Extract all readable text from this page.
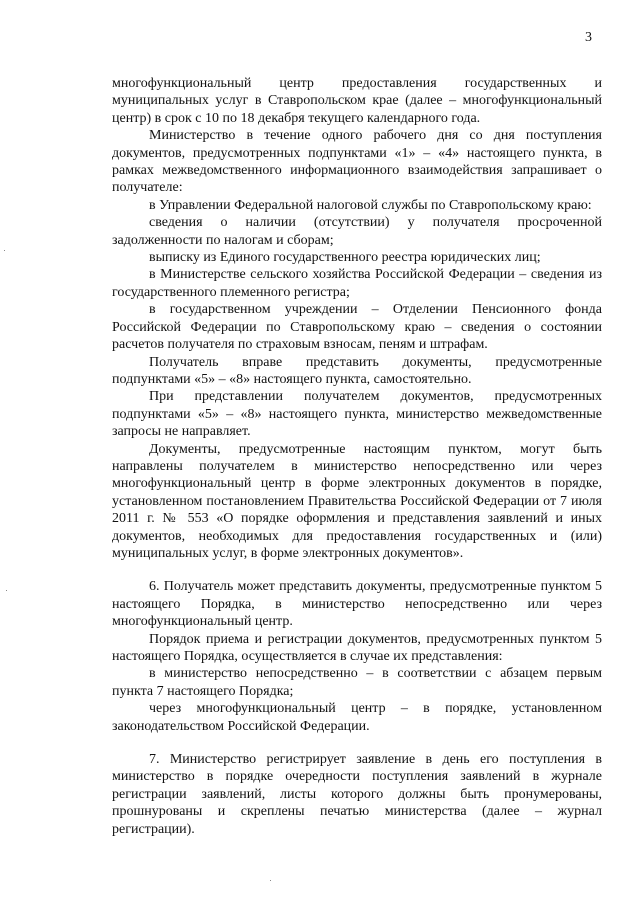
3

многофункциональный центр предоставления государственных и муниципальных услуг в Ставропольском крае (далее – многофункциональный центр) в срок с 10 по 18 декабря текущего календарного года.

Министерство в течение одного рабочего дня со дня поступления документов, предусмотренных подпунктами «1» – «4» настоящего пункта, в рамках межведомственного информационного взаимодействия запрашивает о получателе:

в Управлении Федеральной налоговой службы по Ставропольскому краю:

сведения о наличии (отсутствии) у получателя просроченной задолженности по налогам и сборам;

выписку из Единого государственного реестра юридических лиц;

в Министерстве сельского хозяйства Российской Федерации – сведения из государственного племенного регистра;

в государственном учреждении – Отделении Пенсионного фонда Российской Федерации по Ставропольскому краю – сведения о состоянии расчетов получателя по страховым взносам, пеням и штрафам.

Получатель вправе представить документы, предусмотренные подпунктами «5» – «8» настоящего пункта, самостоятельно.

При представлении получателем документов, предусмотренных подпунктами «5» – «8» настоящего пункта, министерство межведомственные запросы не направляет.

Документы, предусмотренные настоящим пунктом, могут быть направлены получателем в министерство непосредственно или через многофункциональный центр в форме электронных документов в порядке, установленном постановлением Правительства Российской Федерации от 7 июля 2011 г. № 553 «О порядке оформления и представления заявлений и иных документов, необходимых для предоставления государственных и (или) муниципальных услуг, в форме электронных документов».

6. Получатель может представить документы, предусмотренные пунктом 5 настоящего Порядка, в министерство непосредственно или через многофункциональный центр.

Порядок приема и регистрации документов, предусмотренных пунктом 5 настоящего Порядка, осуществляется в случае их представления:

в министерство непосредственно – в соответствии с абзацем первым пункта 7 настоящего Порядка;

через многофункциональный центр – в порядке, установленном законодательством Российской Федерации.

7. Министерство регистрирует заявление в день его поступления в министерство в порядке очередности поступления заявлений в журнале регистрации заявлений, листы которого должны быть пронумерованы, прошнурованы и скреплены печатью министерства (далее – журнал регистрации).
